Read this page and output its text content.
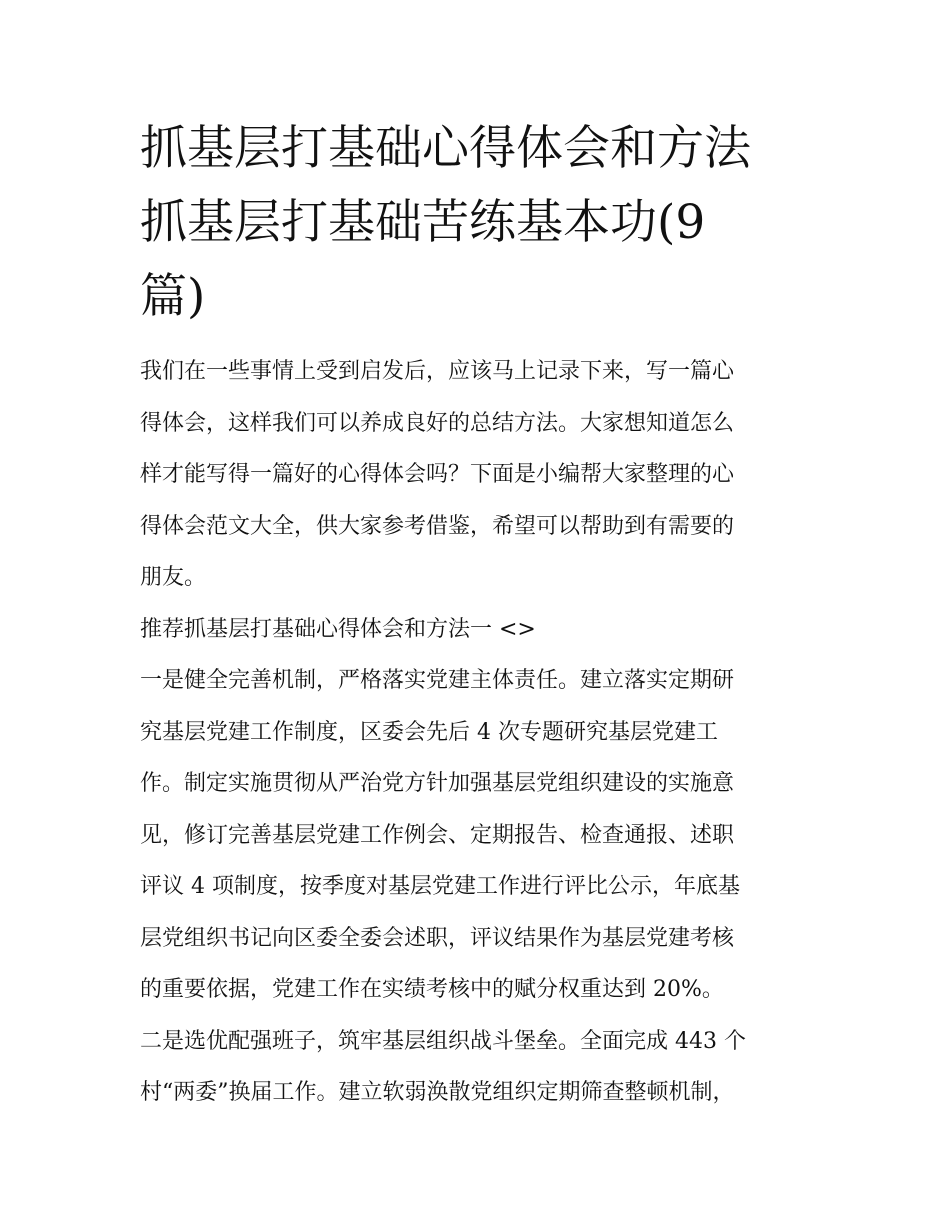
抓基层打基础心得体会和方法
抓基层打基础苦练基本功(9
篇)

我们在一些事情上受到启发后，应该马上记录下来，写一篇心
得体会，这样我们可以养成良好的总结方法。大家想知道怎么
样才能写得一篇好的心得体会吗？下面是小编帮大家整理的心
得体会范文大全，供大家参考借鉴，希望可以帮助到有需要的
朋友。

推荐抓基层打基础心得体会和方法一 <>

一是健全完善机制，严格落实党建主体责任。建立落实定期研
究基层党建工作制度，区委会先后 4 次专题研究基层党建工
作。制定实施贯彻从严治党方针加强基层党组织建设的实施意
见，修订完善基层党建工作例会、定期报告、检查通报、述职
评议 4 项制度，按季度对基层党建工作进行评比公示，年底基
层党组织书记向区委全委会述职，评议结果作为基层党建考核
的重要依据，党建工作在实绩考核中的赋分权重达到 20%。

二是选优配强班子，筑牢基层组织战斗堡垒。全面完成 443 个
村“两委”换届工作。建立软弱涣散党组织定期筛查整顿机制，
